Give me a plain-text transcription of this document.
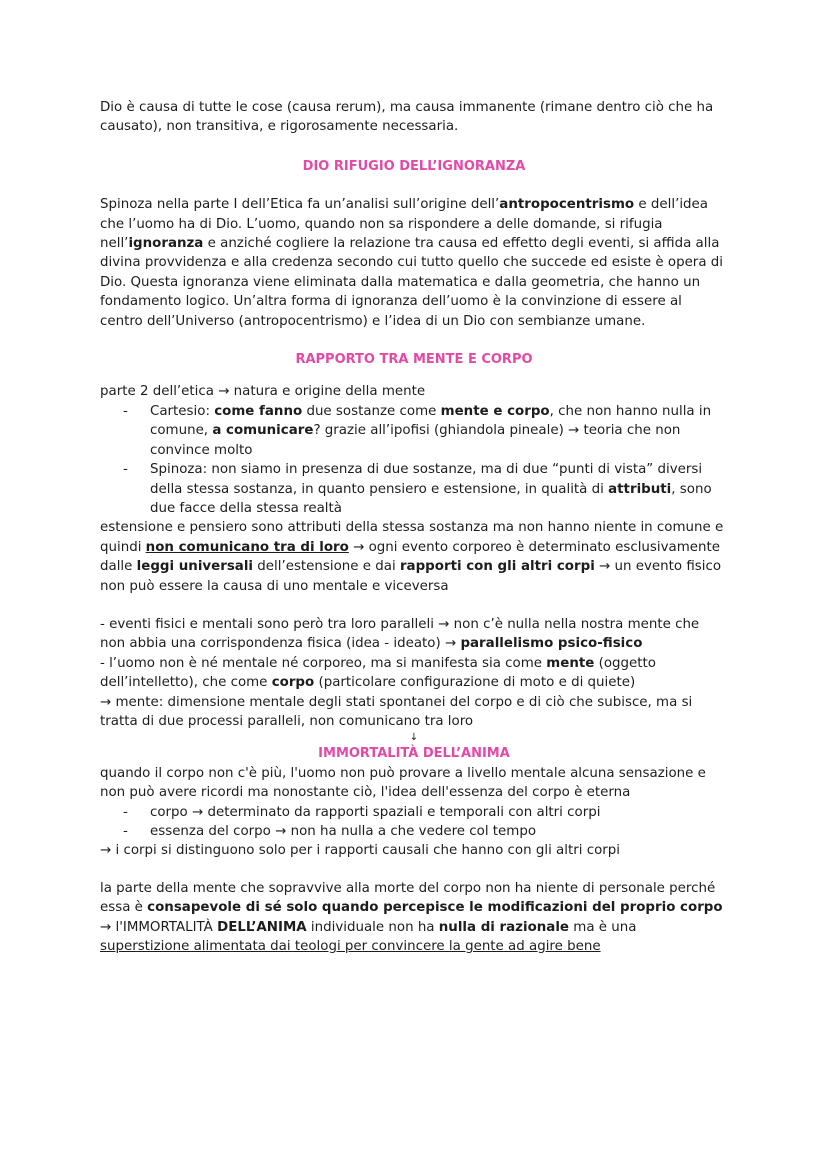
Dio è causa di tutte le cose (causa rerum), ma causa immanente (rimane dentro ciò che ha causato), non transitiva, e rigorosamente necessaria.

DIO RIFUGIO DELL’IGNORANZA

Spinoza nella parte I dell’Etica fa un’analisi sull’origine dell’antropocentrismo e dell’idea che l’uomo ha di Dio. L’uomo, quando non sa rispondere a delle domande, si rifugia nell’ignoranza e anziché cogliere la relazione tra causa ed effetto degli eventi, si affida alla divina provvidenza e alla credenza secondo cui tutto quello che succede ed esiste è opera di Dio. Questa ignoranza viene eliminata dalla matematica e dalla geometria, che hanno un fondamento logico. Un’altra forma di ignoranza dell’uomo è la convinzione di essere al centro dell’Universo (antropocentrismo) e l’idea di un Dio con sembianze umane.

RAPPORTO TRA MENTE E CORPO

parte 2 dell’etica → natura e origine della mente

- Cartesio: come fanno due sostanze come mente e corpo, che non hanno nulla in comune, a comunicare? grazie all’ipofisi (ghiandola pineale) → teoria che non convince molto
- Spinoza: non siamo in presenza di due sostanze, ma di due “punti di vista” diversi della stessa sostanza, in quanto pensiero e estensione, in qualità di attributi, sono due facce della stessa realtà

estensione e pensiero sono attributi della stessa sostanza ma non hanno niente in comune e quindi non comunicano tra di loro → ogni evento corporeo è determinato esclusivamente dalle leggi universali dell’estensione e dai rapporti con gli altri corpi → un evento fisico non può essere la causa di uno mentale e viceversa

- eventi fisici e mentali sono però tra loro paralleli → non c’è nulla nella nostra mente che non abbia una corrispondenza fisica (idea - ideato) → parallelismo psico-fisico

- l’uomo non è né mentale né corporeo, ma si manifesta sia come mente (oggetto dell’intelletto), che come corpo (particolare configurazione di moto e di quiete)

→ mente: dimensione mentale degli stati spontanei del corpo e di ciò che subisce, ma si tratta di due processi paralleli, non comunicano tra loro

↓
IMMORTALITÀ DELL’ANIMA

quando il corpo non c'è più, l'uomo non può provare a livello mentale alcuna sensazione e non può avere ricordi ma nonostante ciò, l'idea dell'essenza del corpo è eterna

- corpo → determinato da rapporti spaziali e temporali con altri corpi
- essenza del corpo → non ha nulla a che vedere col tempo

→ i corpi si distinguono solo per i rapporti causali che hanno con gli altri corpi

la parte della mente che sopravvive alla morte del corpo non ha niente di personale perché essa è consapevole di sé solo quando percepisce le modificazioni del proprio corpo

→ l'IMMORTALITÀ DELL’ANIMA individuale non ha nulla di razionale ma è una superstizione alimentata dai teologi per convincere la gente ad agire bene
